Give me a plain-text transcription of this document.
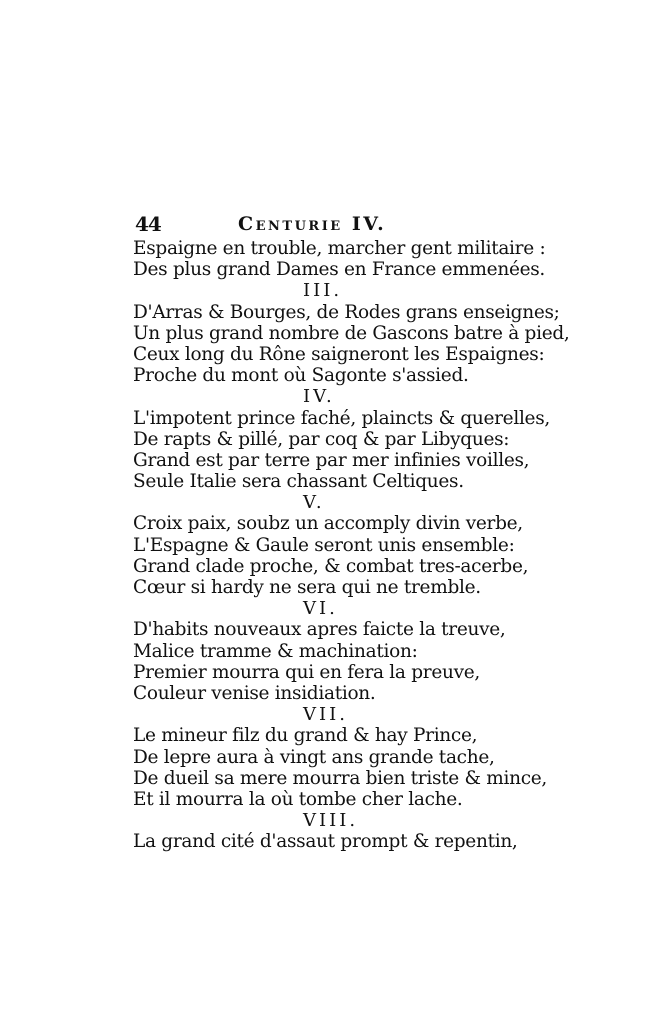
44	Centurie IV.
Espaigne en trouble, marcher gent militaire :
Des plus grand Dames en France emmenées.
III.
D'Arras & Bourges, de Rodes grans enseignes;
Un plus grand nombre de Gascons batre à pied,
Ceux long du Rône saigneront les Espaignes:
Proche du mont où Sagonte s'assied.
IV.
L'impotent prince faché, plaincts & querelles,
De rapts & pillé, par coq & par Libyques:
Grand est par terre par mer infinies voilles,
Seule Italie sera chassant Celtiques.
V.
Croix paix, soubz un accomply divin verbe,
L'Espagne & Gaule seront unis ensemble:
Grand clade proche, & combat tres-acerbe,
Cœur si hardy ne sera qui ne tremble.
VI.
D'habits nouveaux apres faicte la treuve,
Malice tramme & machination:
Premier mourra qui en fera la preuve,
Couleur venise insidiation.
VII.
Le mineur filz du grand & hay Prince,
De lepre aura à vingt ans grande tache,
De dueil sa mere mourra bien triste & mince,
Et il mourra la où tombe cher lache.
VIII.
La grand cité d'assaut prompt & repentin,
